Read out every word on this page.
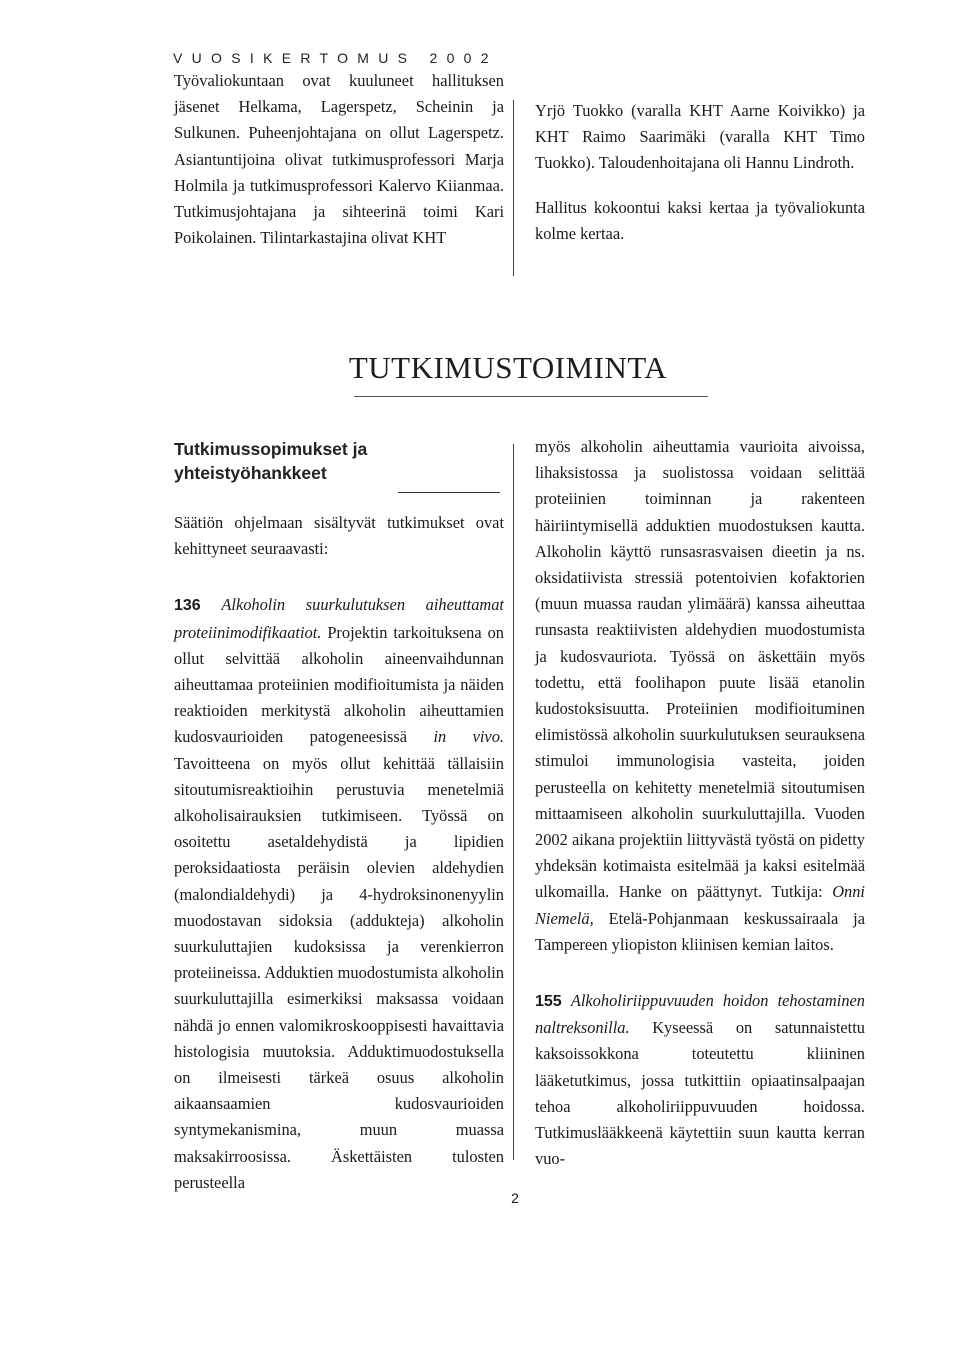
VUOSIKERTOMUS 2002

Työvaliokuntaan ovat kuuluneet hallituksen jäsenet Helkama, Lagerspetz, Scheinin ja Sulkunen. Puheenjohtajana on ollut Lagerspetz. Asiantuntijoina olivat tutkimusprofessori Marja Holmila ja tutkimusprofessori Kalervo Kiianmaa. Tutkimusjohtajana ja sihteerinä toimi Kari Poikolainen. Tilintarkastajina olivat KHT

Yrjö Tuokko (varalla KHT Aarne Koivikko) ja KHT Raimo Saarimäki (varalla KHT Timo Tuokko). Taloudenhoitajana oli Hannu Lindroth.

Hallitus kokoontui kaksi kertaa ja työvaliokunta kolme kertaa.

TUTKIMUSTOIMINTA
Tutkimussopimukset ja yhteistyöhankkeet

Säätiön ohjelmaan sisältyvät tutkimukset ovat kehittyneet seuraavasti:

136 Alkoholin suurkulutuksen aiheuttamat proteiinimodifikaatiot. Projektin tarkoituksena on ollut selvittää alkoholin aineenvaihdunnan aiheuttamaa proteiinien modifioitumista ja näiden reaktioiden merkitystä alkoholin aiheuttamien kudosvaurioiden patogeneesissä in vivo. Tavoitteena on myös ollut kehittää tällaisiin sitoutumisreaktioihin perustuvia menetelmiä alkoholisairauksien tutkimiseen. Työssä on osoitettu asetaldehydistä ja lipidien peroksidaatiosta peräisin olevien aldehydien (malondialdehydi) ja 4-hydroksinonenyylin muodostavan sidoksia (addukteja) alkoholin suurkuluttajien kudoksissa ja verenkierron proteiineissa. Adduktien muodostumista alkoholin suurkuluttajilla esimerkiksi maksassa voidaan nähdä jo ennen valomikroskooppisesti havaittavia histologisia muutoksia. Adduktimuodostuksella on ilmeisesti tärkeä osuus alkoholin aikaansaamien kudosvaurioiden syntymekanismina, muun muassa maksakirroosissa. Äskettäisten tulosten perusteella

myös alkoholin aiheuttamia vaurioita aivoissa, lihaksistossa ja suolistossa voidaan selittää proteiinien toiminnan ja rakenteen häiriintymisellä adduktien muodostuksen kautta. Alkoholin käyttö runsasrasvaisen dieetin ja ns. oksidatiivista stressiä potentoivien kofaktorien (muun muassa raudan ylimäärä) kanssa aiheuttaa runsasta reaktiivisten aldehydien muodostumista ja kudosvauriota. Työssä on äskettäin myös todettu, että foolihapon puute lisää etanolin kudostoksisuutta. Proteiinien modifioituminen elimistössä alkoholin suurkulutuksen seurauksena stimuloi immunologisia vasteita, joiden perusteella on kehitetty menetelmiä sitoutumisen mittaamiseen alkoholin suurkuluttajilla. Vuoden 2002 aikana projektiin liittyvästä työstä on pidetty yhdeksän kotimaista esitelmää ja kaksi esitelmää ulkomailla. Hanke on päättynyt. Tutkija: Onni Niemelä, Etelä-Pohjanmaan keskussairaala ja Tampereen yliopiston kliinisen kemian laitos.

155 Alkoholiriippuvuuden hoidon tehostaminen naltreksonilla. Kyseessä on satunnaistettu kaksoissokkona toteutettu kliininen lääketutkimus, jossa tutkittiin opiaatinsalpaajan tehoa alkoholiriippuvuuden hoidossa. Tutkimuslääkkeenä käytettiin suun kautta kerran vuo-

2
